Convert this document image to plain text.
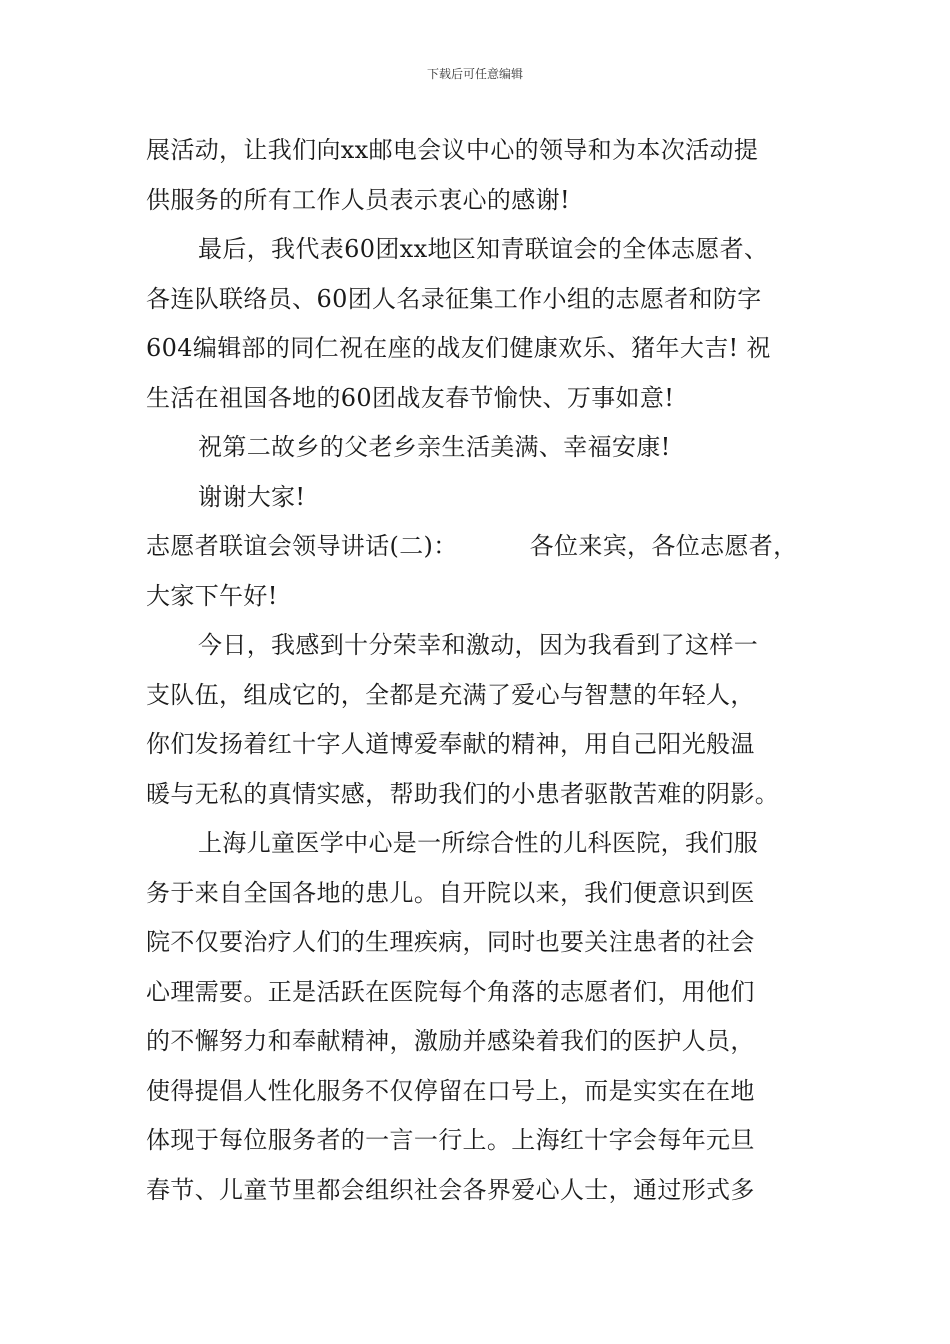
下载后可任意编辑
展活动，让我们向xx邮电会议中心的领导和为本次活动提
供服务的所有工作人员表示衷心的感谢!
最后，我代表60团xx地区知青联谊会的全体志愿者、
各连队联络员、60团人名录征集工作小组的志愿者和防字
604编辑部的同仁祝在座的战友们健康欢乐、猪年大吉! 祝
生活在祖国各地的60团战友春节愉快、万事如意!
祝第二故乡的父老乡亲生活美满、幸福安康!
谢谢大家!
志愿者联谊会领导讲话(二)：	各位来宾，各位志愿者，
大家下午好!
今日，我感到十分荣幸和激动，因为我看到了这样一
支队伍，组成它的，全都是充满了爱心与智慧的年轻人，
你们发扬着红十字人道博爱奉献的精神，用自己阳光般温
暖与无私的真情实感，帮助我们的小患者驱散苦难的阴影。
上海儿童医学中心是一所综合性的儿科医院，我们服
务于来自全国各地的患儿。自开院以来，我们便意识到医
院不仅要治疗人们的生理疾病，同时也要关注患者的社会
心理需要。正是活跃在医院每个角落的志愿者们，用他们
的不懈努力和奉献精神，激励并感染着我们的医护人员，
使得提倡人性化服务不仅停留在口号上，而是实实在在地
体现于每位服务者的一言一行上。上海红十字会每年元旦
春节、儿童节里都会组织社会各界爱心人士，通过形式多
